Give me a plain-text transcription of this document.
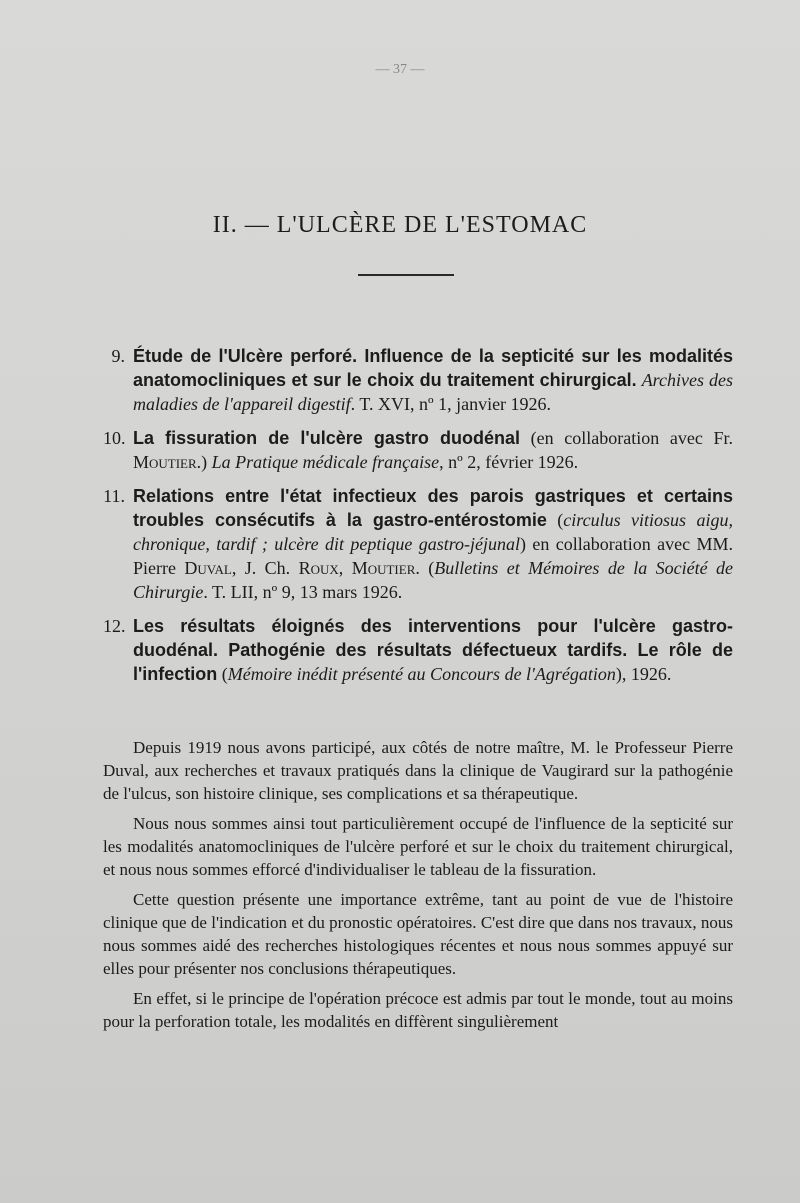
— 37 —
II. — L'ULCÈRE DE L'ESTOMAC
9. Étude de l'Ulcère perforé. Influence de la septicité sur les modalités anatomocliniques et sur le choix du traitement chirurgical. Archives des maladies de l'appareil digestif. T. XVI, nº 1, janvier 1926.
10. La fissuration de l'ulcère gastro duodénal (en collaboration avec Fr. Moutier.) La Pratique médicale française, nº 2, février 1926.
11. Relations entre l'état infectieux des parois gastriques et certains troubles consécutifs à la gastro-entérostomie (circulus vitiosus aigu, chronique, tardif ; ulcère dit peptique gastro-jéjunal) en collaboration avec MM. Pierre Duval, J. Ch. Roux, Moutier. (Bulletins et Mémoires de la Société de Chirurgie. T. LII, nº 9, 13 mars 1926.
12. Les résultats éloignés des interventions pour l'ulcère gastro-duodénal. Pathogénie des résultats défectueux tardifs. Le rôle de l'infection (Mémoire inédit présenté au Concours de l'Agrégation), 1926.

Depuis 1919 nous avons participé, aux côtés de notre maître, M. le Professeur Pierre Duval, aux recherches et travaux pratiqués dans la clinique de Vaugirard sur la pathogénie de l'ulcus, son histoire clinique, ses complications et sa thérapeutique.

Nous nous sommes ainsi tout particulièrement occupé de l'influence de la septicité sur les modalités anatomocliniques de l'ulcère perforé et sur le choix du traitement chirurgical, et nous nous sommes efforcé d'individualiser le tableau de la fissuration.

Cette question présente une importance extrême, tant au point de vue de l'histoire clinique que de l'indication et du pronostic opératoires. C'est dire que dans nos travaux, nous nous sommes aidé des recherches histologiques récentes et nous nous sommes appuyé sur elles pour présenter nos conclusions thérapeutiques.

En effet, si le principe de l'opération précoce est admis par tout le monde, tout au moins pour la perforation totale, les modalités en diffèrent singulièrement
